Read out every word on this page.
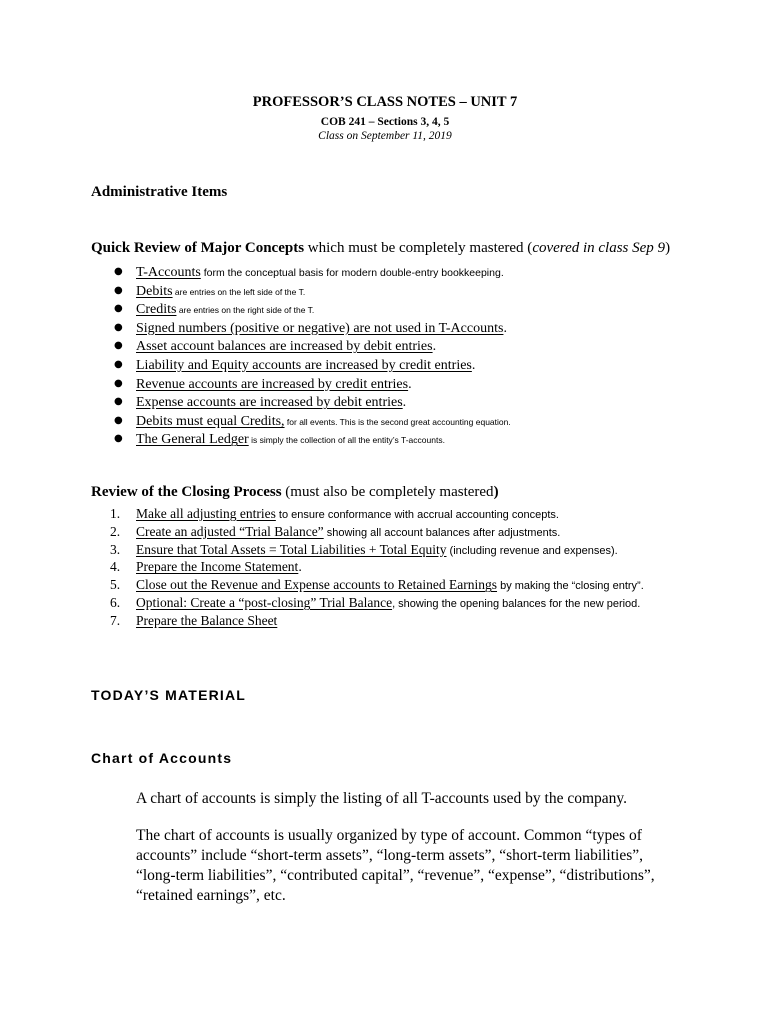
PROFESSOR’S CLASS NOTES – UNIT 7
COB 241 – Sections 3, 4, 5
Class on September 11, 2019
Administrative Items
Quick Review of Major Concepts which must be completely mastered (covered in class Sep 9)
● T-Accounts form the conceptual basis for modern double-entry bookkeeping.
● Debits are entries on the left side of the T.
● Credits are entries on the right side of the T.
● Signed numbers (positive or negative) are not used in T-Accounts.
● Asset account balances are increased by debit entries.
● Liability and Equity accounts are increased by credit entries.
● Revenue accounts are increased by credit entries.
● Expense accounts are increased by debit entries.
● Debits must equal Credits, for all events. This is the second great accounting equation.
● The General Ledger is simply the collection of all the entity’s T-accounts.
Review of the Closing Process (must also be completely mastered)
1. Make all adjusting entries to ensure conformance with accrual accounting concepts.
2. Create an adjusted “Trial Balance” showing all account balances after adjustments.
3. Ensure that Total Assets = Total Liabilities + Total Equity (including revenue and expenses).
4. Prepare the Income Statement.
5. Close out the Revenue and Expense accounts to Retained Earnings by making the “closing entry”.
6. Optional: Create a “post-closing” Trial Balance, showing the opening balances for the new period.
7. Prepare the Balance Sheet
TODAY’S MATERIAL
Chart of Accounts

A chart of accounts is simply the listing of all T-accounts used by the company.

The chart of accounts is usually organized by type of account. Common “types of accounts” include “short-term assets”, “long-term assets”, “short-term liabilities”, “long-term liabilities”, “contributed capital”, “revenue”, “expense”, “distributions”, “retained earnings”, etc.
